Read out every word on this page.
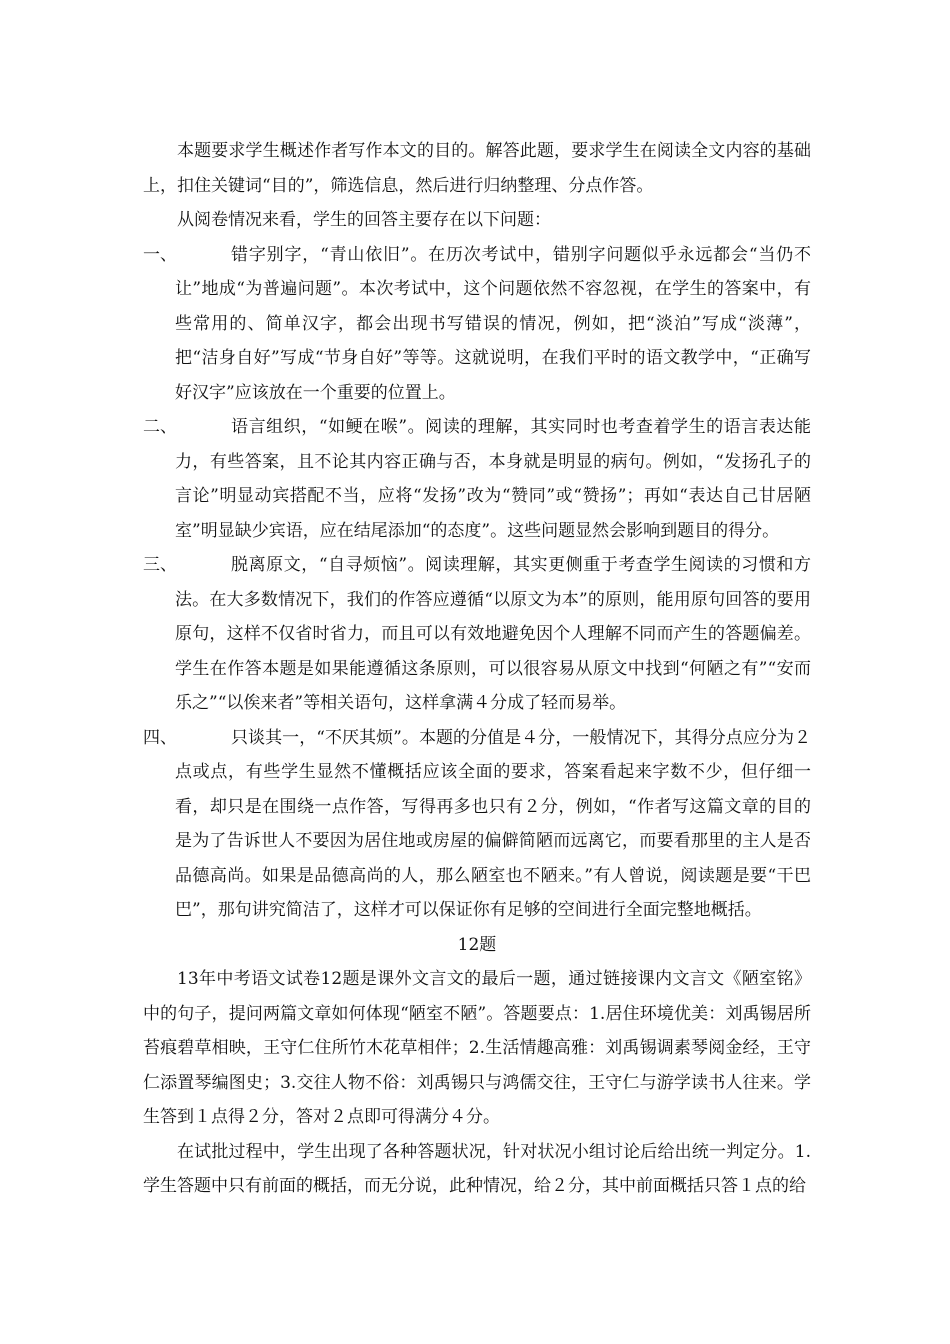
本题要求学生概述作者写作本文的目的。解答此题，要求学生在阅读全文内容的基础上，扣住关键词“目的”，筛选信息，然后进行归纳整理、分点作答。

从阅卷情况来看，学生的回答主要存在以下问题：

一、	错字别字，“青山依旧”。在历次考试中，错别字问题似乎永远都会“当仍不让”地成“为普遍问题”。本次考试中，这个问题依然不容忽视，在学生的答案中，有些常用的、简单汉字，都会出现书写错误的情况，例如，把“淡泊”写成“淡薄”，把“洁身自好”写成“节身自好”等等。这就说明，在我们平时的语文教学中，“正确写好汉字”应该放在一个重要的位置上。
二、	语言组织，“如鲠在喉”。阅读的理解，其实同时也考查着学生的语言表达能力，有些答案，且不论其内容正确与否，本身就是明显的病句。例如，“发扬孔子的言论”明显动宾搭配不当，应将“发扬”改为“赞同”或“赞扬”；再如“表达自己甘居陋室”明显缺少宾语，应在结尾添加“的态度”。这些问题显然会影响到题目的得分。
三、	脱离原文，“自寻烦恼”。阅读理解，其实更侧重于考查学生阅读的习惯和方法。在大多数情况下，我们的作答应遵循“以原文为本”的原则，能用原句回答的要用原句，这样不仅省时省力，而且可以有效地避免因个人理解不同而产生的答题偏差。学生在作答本题是如果能遵循这条原则，可以很容易从原文中找到“何陋之有”“安而乐之”“以俟来者”等相关语句，这样拿满４分成了轻而易举。
四、	只谈其一，“不厌其烦”。本题的分值是４分，一般情况下，其得分点应分为２点或点，有些学生显然不懂概括应该全面的要求，答案看起来字数不少，但仔细一看，却只是在围绕一点作答，写得再多也只有２分，例如，“作者写这篇文章的目的是为了告诉世人不要因为居住地或房屋的偏僻简陋而远离它，而要看那里的主人是否品德高尚。如果是品德高尚的人，那么陋室也不陋来。”有人曾说，阅读题是要“干巴巴”，那句讲究简洁了，这样才可以保证你有足够的空间进行全面完整地概括。

12题

13年中考语文试卷12题是课外文言文的最后一题，通过链接课内文言文《陋室铭》中的句子，提问两篇文章如何体现“陋室不陋”。答题要点：1.居住环境优美：刘禹锡居所苔痕碧草相映，王守仁住所竹木花草相伴；2.生活情趣高雅：刘禹锡调素琴阅金经，王守仁添置琴编图史；3.交往人物不俗：刘禹锡只与鸿儒交往，王守仁与游学读书人往来。学生答到１点得２分，答对２点即可得满分４分。

在试批过程中，学生出现了各种答题状况，针对状况小组讨论后给出统一判定分。1.学生答题中只有前面的概括，而无分说，此种情况，给２分，其中前面概括只答１点的给
